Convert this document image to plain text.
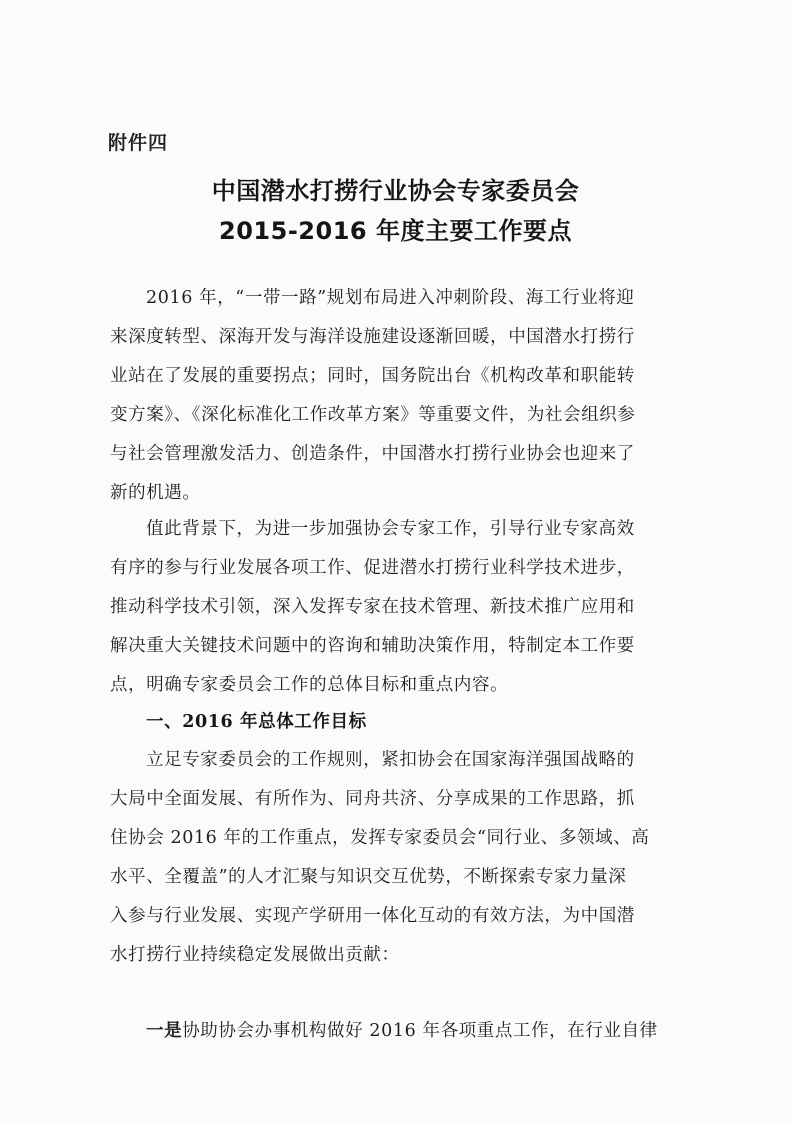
附件四
中国潜水打捞行业协会专家委员会
2015-2016 年度主要工作要点
2016 年，“一带一路”规划布局进入冲刺阶段、海工行业将迎
来深度转型、深海开发与海洋设施建设逐渐回暖，中国潜水打捞行
业站在了发展的重要拐点；同时，国务院出台《机构改革和职能转
变方案》、《深化标准化工作改革方案》等重要文件，为社会组织参
与社会管理激发活力、创造条件，中国潜水打捞行业协会也迎来了
新的机遇。
值此背景下，为进一步加强协会专家工作，引导行业专家高效
有序的参与行业发展各项工作、促进潜水打捞行业科学技术进步，
推动科学技术引领，深入发挥专家在技术管理、新技术推广应用和
解决重大关键技术问题中的咨询和辅助决策作用，特制定本工作要
点，明确专家委员会工作的总体目标和重点内容。
一、2016 年总体工作目标
立足专家委员会的工作规则，紧扣协会在国家海洋强国战略的
大局中全面发展、有所作为、同舟共济、分享成果的工作思路，抓
住协会 2016 年的工作重点，发挥专家委员会“同行业、多领域、高
水平、全覆盖”的人才汇聚与知识交互优势，不断探索专家力量深
入参与行业发展、实现产学研用一体化互动的有效方法，为中国潜
水打捞行业持续稳定发展做出贡献：
一是协助协会办事机构做好 2016 年各项重点工作，在行业自律
